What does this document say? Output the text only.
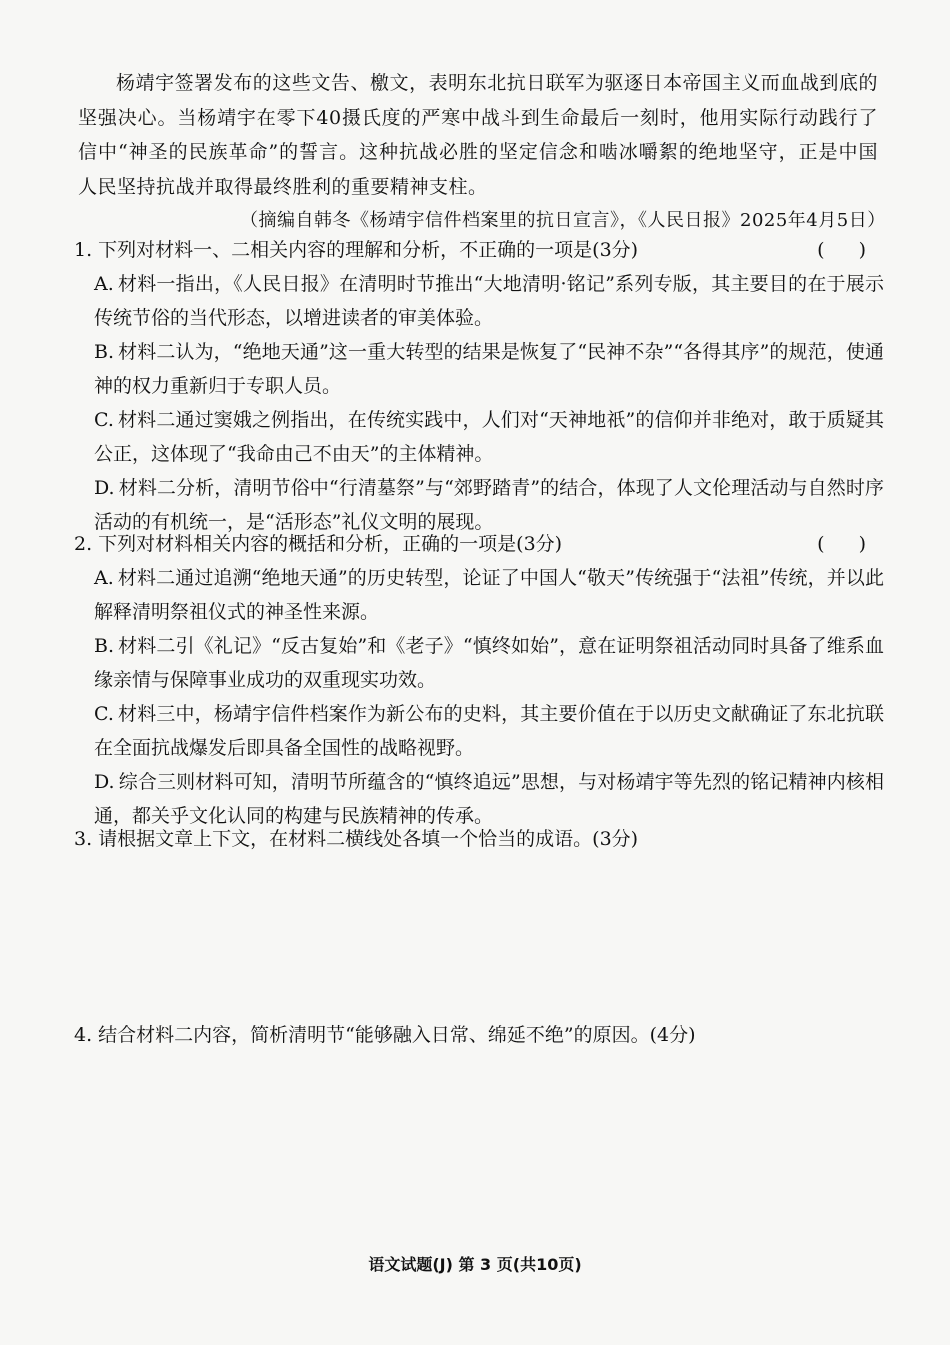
杨靖宇签署发布的这些文告、檄文，表明东北抗日联军为驱逐日本帝国主义而血战到底的坚强决心。当杨靖宇在零下40摄氏度的严寒中战斗到生命最后一刻时，他用实际行动践行了信中“神圣的民族革命”的誓言。这种抗战必胜的坚定信念和啮冰嚼絮的绝地坚守，正是中国人民坚持抗战并取得最终胜利的重要精神支柱。
（摘编自韩冬《杨靖宇信件档案里的抗日宣言》，《人民日报》2025年4月5日）
1. 下列对材料一、二相关内容的理解和分析，不正确的一项是(3分)	( )
A. 材料一指出，《人民日报》在清明时节推出“大地清明·铭记”系列专版，其主要目的在于展示传统节俗的当代形态，以增进读者的审美体验。
B. 材料二认为，“绝地天通”这一重大转型的结果是恢复了“民神不杂”“各得其序”的规范，使通神的权力重新归于专职人员。
C. 材料二通过窦娥之例指出，在传统实践中，人们对“天神地祇”的信仰并非绝对，敢于质疑其公正，这体现了“我命由己不由天”的主体精神。
D. 材料二分析，清明节俗中“行清墓祭”与“郊野踏青”的结合，体现了人文伦理活动与自然时序活动的有机统一，是“活形态”礼仪文明的展现。
2. 下列对材料相关内容的概括和分析，正确的一项是(3分)	( )
A. 材料二通过追溯“绝地天通”的历史转型，论证了中国人“敬天”传统强于“法祖”传统，并以此解释清明祭祖仪式的神圣性来源。
B. 材料二引《礼记》“反古复始”和《老子》“慎终如始”，意在证明祭祖活动同时具备了维系血缘亲情与保障事业成功的双重现实功效。
C. 材料三中，杨靖宇信件档案作为新公布的史料，其主要价值在于以历史文献确证了东北抗联在全面抗战爆发后即具备全国性的战略视野。
D. 综合三则材料可知，清明节所蕴含的“慎终追远”思想，与对杨靖宇等先烈的铭记精神内核相通，都关乎文化认同的构建与民族精神的传承。
3. 请根据文章上下文，在材料二横线处各填一个恰当的成语。(3分)
4. 结合材料二内容，简析清明节“能够融入日常、绵延不绝”的原因。(4分)
语文试题(J) 第 3 页(共10页)
